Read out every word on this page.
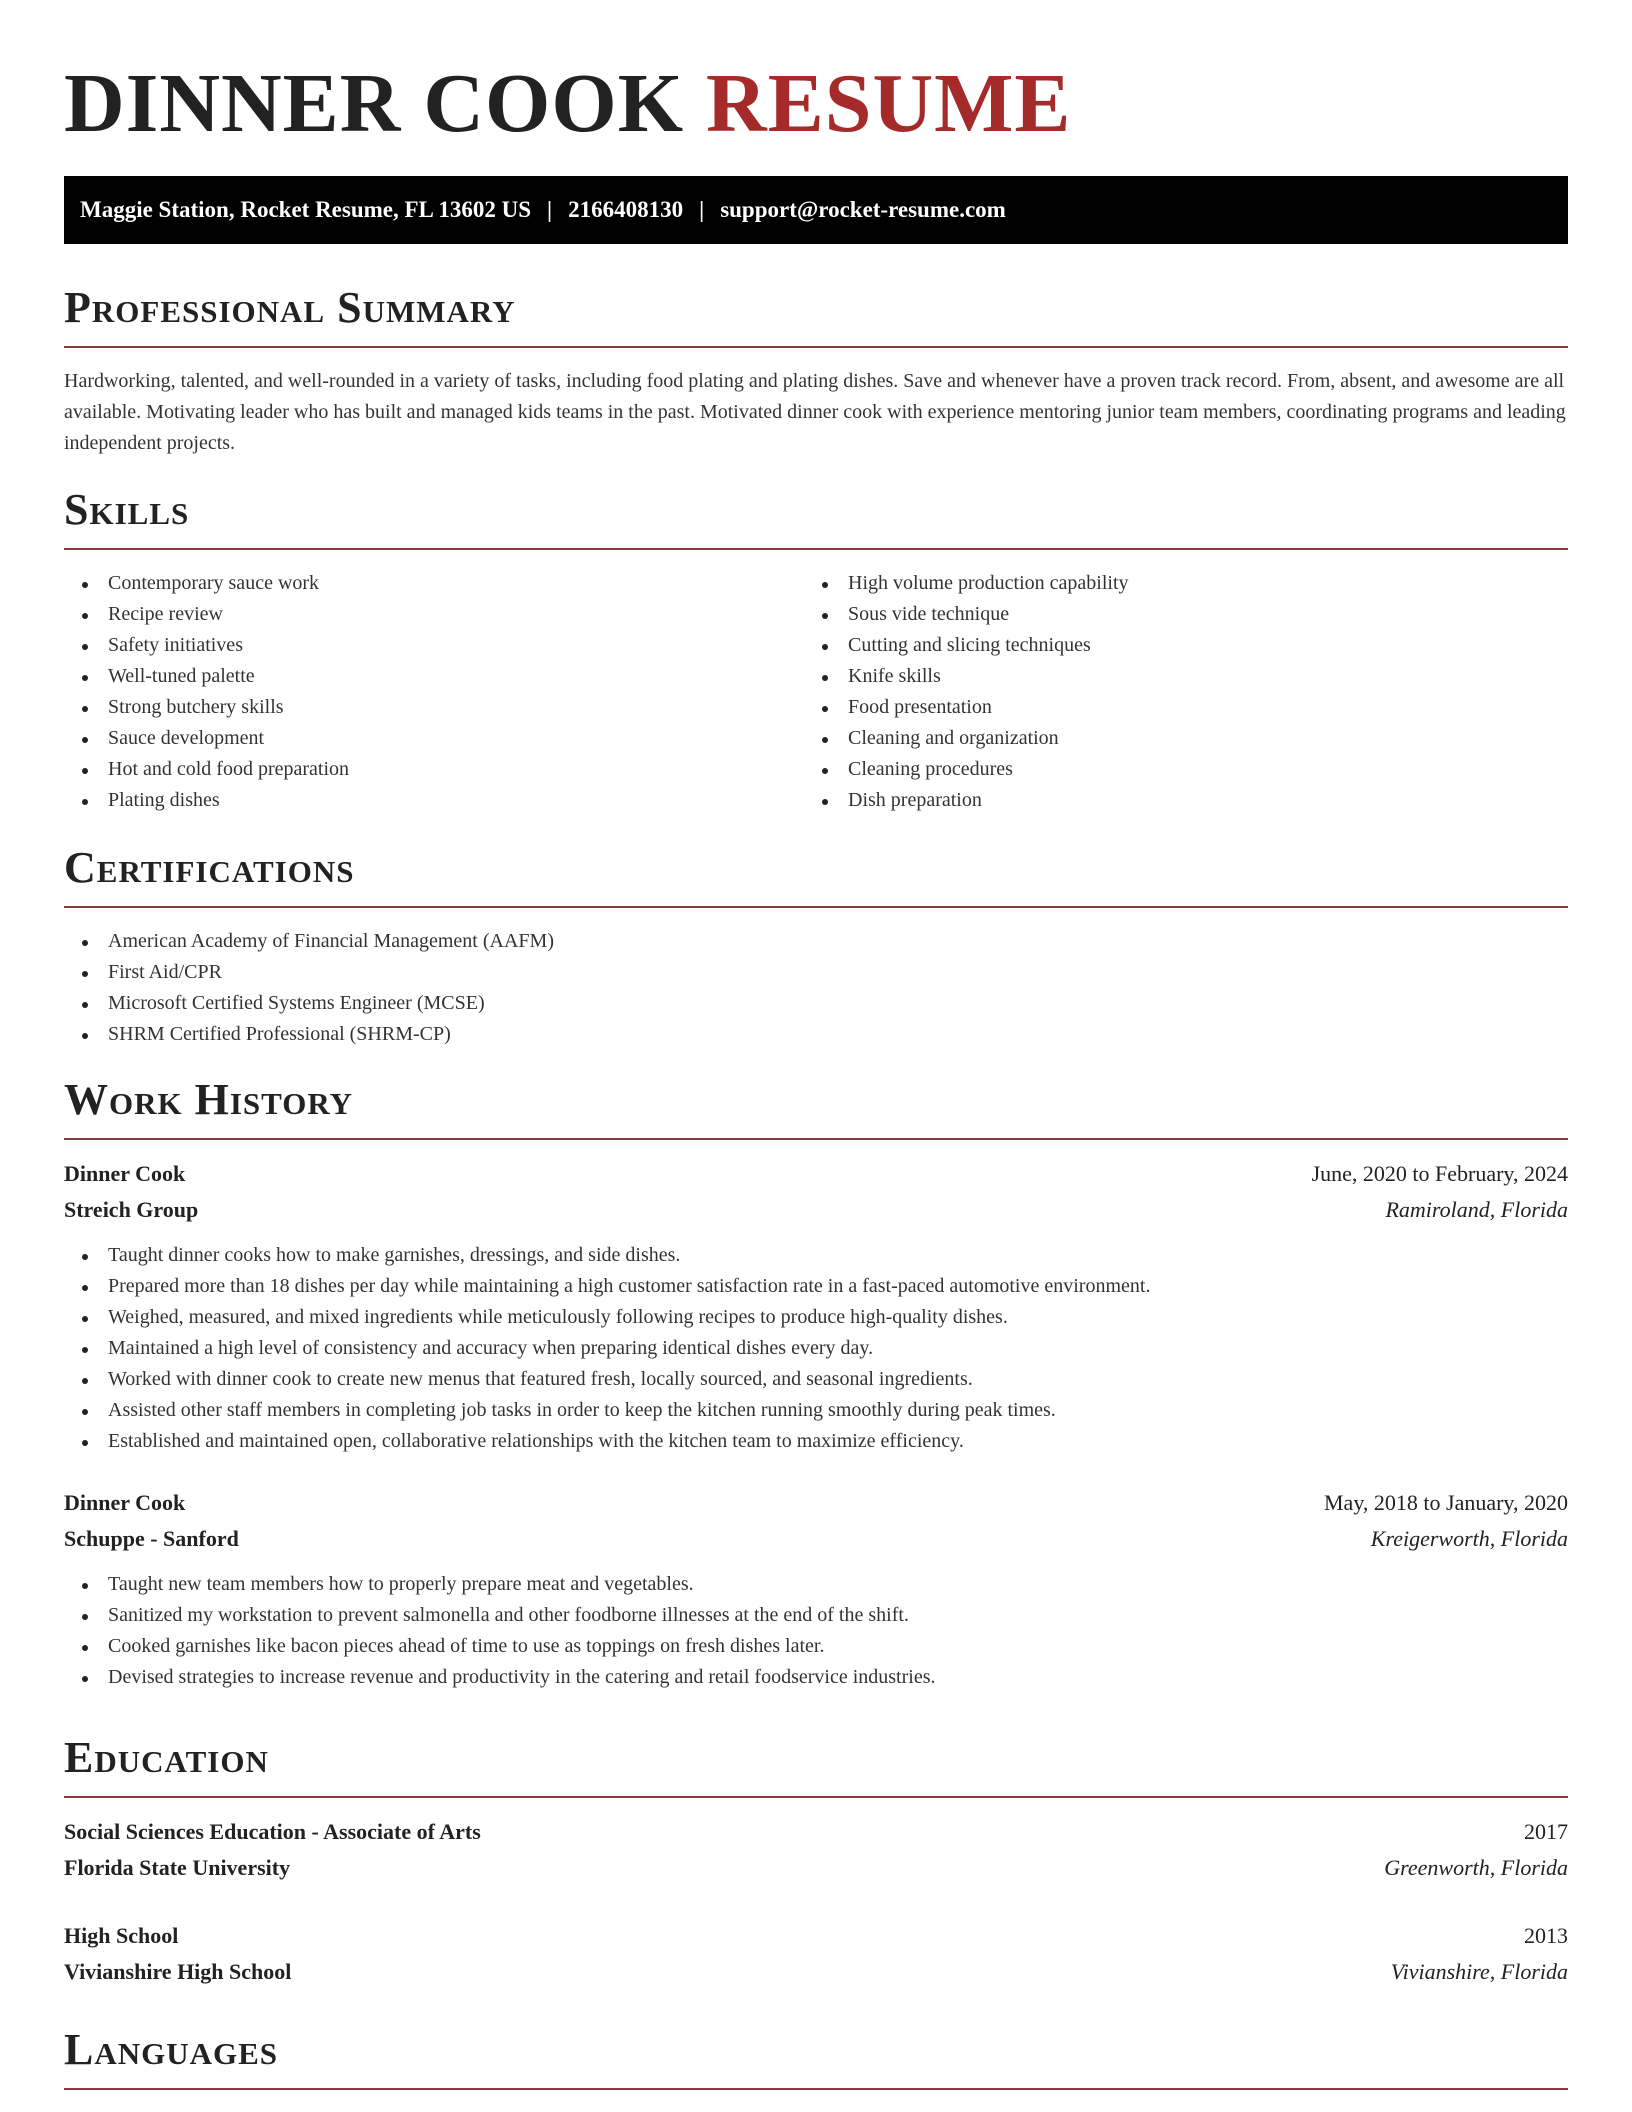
DINNER COOK RESUME
Maggie Station, Rocket Resume, FL 13602 US | 2166408130 | support@rocket-resume.com
Professional Summary

Hardworking, talented, and well-rounded in a variety of tasks, including food plating and plating dishes. Save and whenever have a proven track record. From, absent, and awesome are all available. Motivating leader who has built and managed kids teams in the past. Motivated dinner cook with experience mentoring junior team members, coordinating programs and leading independent projects.

Skills
Contemporary sauce work
Recipe review
Safety initiatives
Well-tuned palette
Strong butchery skills
Sauce development
Hot and cold food preparation
Plating dishes
High volume production capability
Sous vide technique
Cutting and slicing techniques
Knife skills
Food presentation
Cleaning and organization
Cleaning procedures
Dish preparation
Certifications
American Academy of Financial Management (AAFM)
First Aid/CPR
Microsoft Certified Systems Engineer (MCSE)
SHRM Certified Professional (SHRM-CP)
Work History
Dinner Cook	June, 2020 to February, 2024
Streich Group	Ramiroland, Florida
Taught dinner cooks how to make garnishes, dressings, and side dishes.
Prepared more than 18 dishes per day while maintaining a high customer satisfaction rate in a fast-paced automotive environment.
Weighed, measured, and mixed ingredients while meticulously following recipes to produce high-quality dishes.
Maintained a high level of consistency and accuracy when preparing identical dishes every day.
Worked with dinner cook to create new menus that featured fresh, locally sourced, and seasonal ingredients.
Assisted other staff members in completing job tasks in order to keep the kitchen running smoothly during peak times.
Established and maintained open, collaborative relationships with the kitchen team to maximize efficiency.
Dinner Cook	May, 2018 to January, 2020
Schuppe - Sanford	Kreigerworth, Florida
Taught new team members how to properly prepare meat and vegetables.
Sanitized my workstation to prevent salmonella and other foodborne illnesses at the end of the shift.
Cooked garnishes like bacon pieces ahead of time to use as toppings on fresh dishes later.
Devised strategies to increase revenue and productivity in the catering and retail foodservice industries.
Education
Social Sciences Education - Associate of Arts	2017
Florida State University	Greenworth, Florida
High School	2013
Vivianshire High School	Vivianshire, Florida
Languages
